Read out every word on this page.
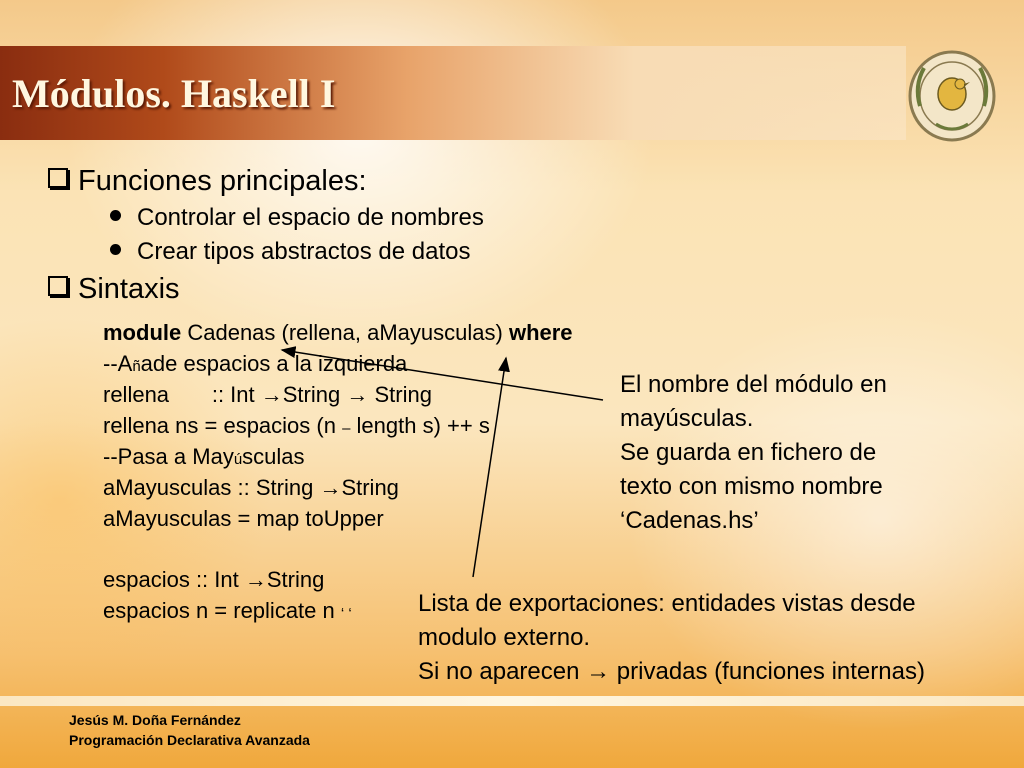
Módulos. Haskell I
Funciones principales:
Controlar el espacio de nombres
Crear tipos abstractos de datos
Sintaxis
module Cadenas (rellena, aMayusculas) where
--Añade espacios a la izquierda
rellena       :: Int →String → String
rellena ns = espacios (n – length s) ++ s
--Pasa a Mayúsculas
aMayusculas :: String →String
aMayusculas = map toUpper
espacios :: Int →String
espacios n = replicate n ‘ ‘
El nombre del módulo en
mayúsculas.
Se guarda en fichero de
texto con mismo nombre
‘Cadenas.hs’
Lista de exportaciones: entidades vistas desde
modulo externo.
Si no aparecen → privadas (funciones internas)
Jesús M. Doña Fernández
Programación Declarativa Avanzada
